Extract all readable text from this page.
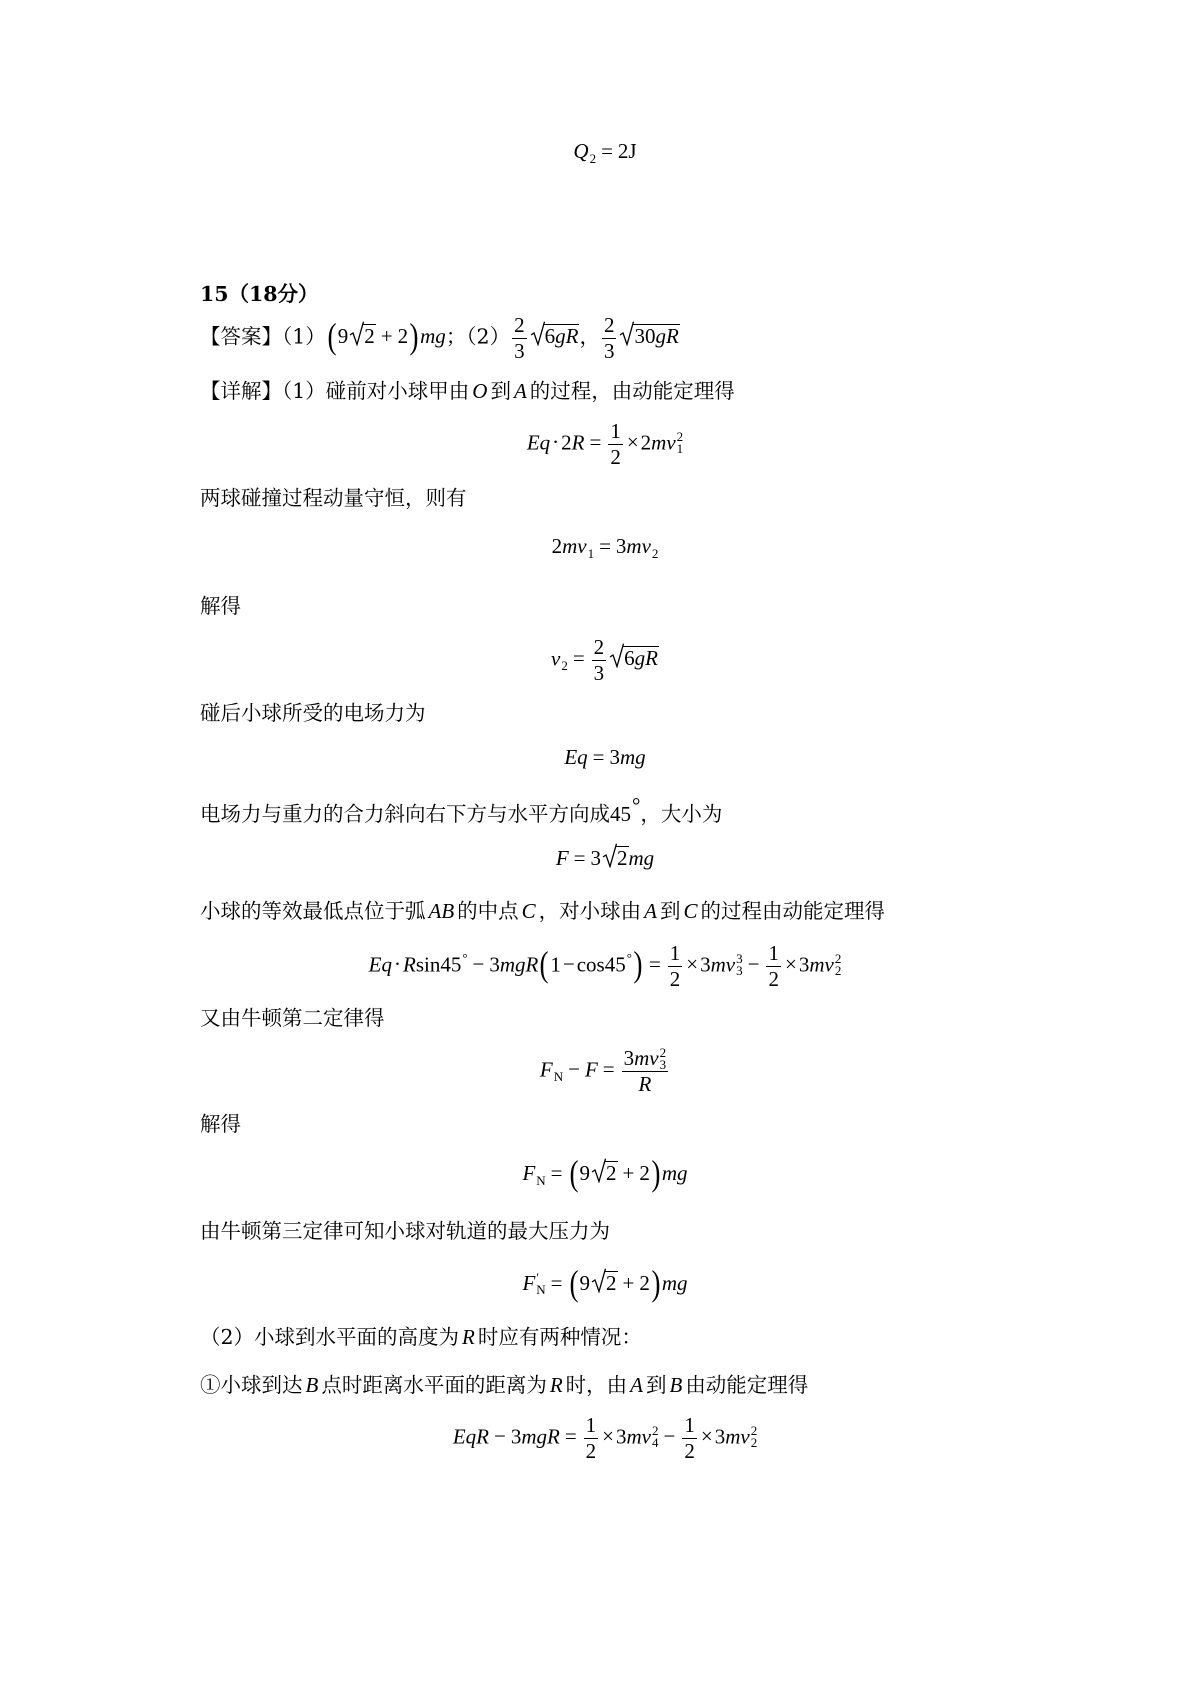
$Q_2 = 2J$
15（18分）
【答案】（1）(9 2 + 2)mg；$(2) \frac{2}{3} 6gR$， $\frac{2}{3} 30gR$
【详解】（1）碰前对小球甲由 O 到 A 的过程，由动能定理得
$Eq\cdot 2R = \frac{1}{2} \times 2mv$ 2
1
两球碰撞过程动量守恒，则有
$2mv_1 = 3mv_2$
解得
$v_2 = \frac{2}{3} 6gR$
碰后小球所受的电场力为
Eq = 3mg
电场力与重力的合力斜向右下方与水平方向成45°，大小为
F = 3 2mg
小球的等效最低点位于弧 AB 的中点 C ，对小球由 A 到 C 的过程由动能定理得
$Eq\cdot Rsin45^\circ - 3mgR(1-\cos 45^\circ) = \frac{1}{2} \times 3mv$ 3
$3 - \frac{1}{2} \times 3mv$ 2
2
又由牛顿第二定律得
$F_N - F = 3mv$ 2
3
R
解得
$F_N = (9$ 2 + 2)mg
由牛顿第三定律可知小球对轨道的最大压力为
F ′
N = (9 2 + 2)mg
（2）小球到水平面的高度为 R 时应有两种情况：
①小球到达 B 点时距离水平面的距离为 R 时，由 A 到 B 由动能定理得
EqR − $3mgR = \frac{1}{2} \times 3mv$ 2
$4 - \frac{1}{2} \times 3mv$ 2
2
